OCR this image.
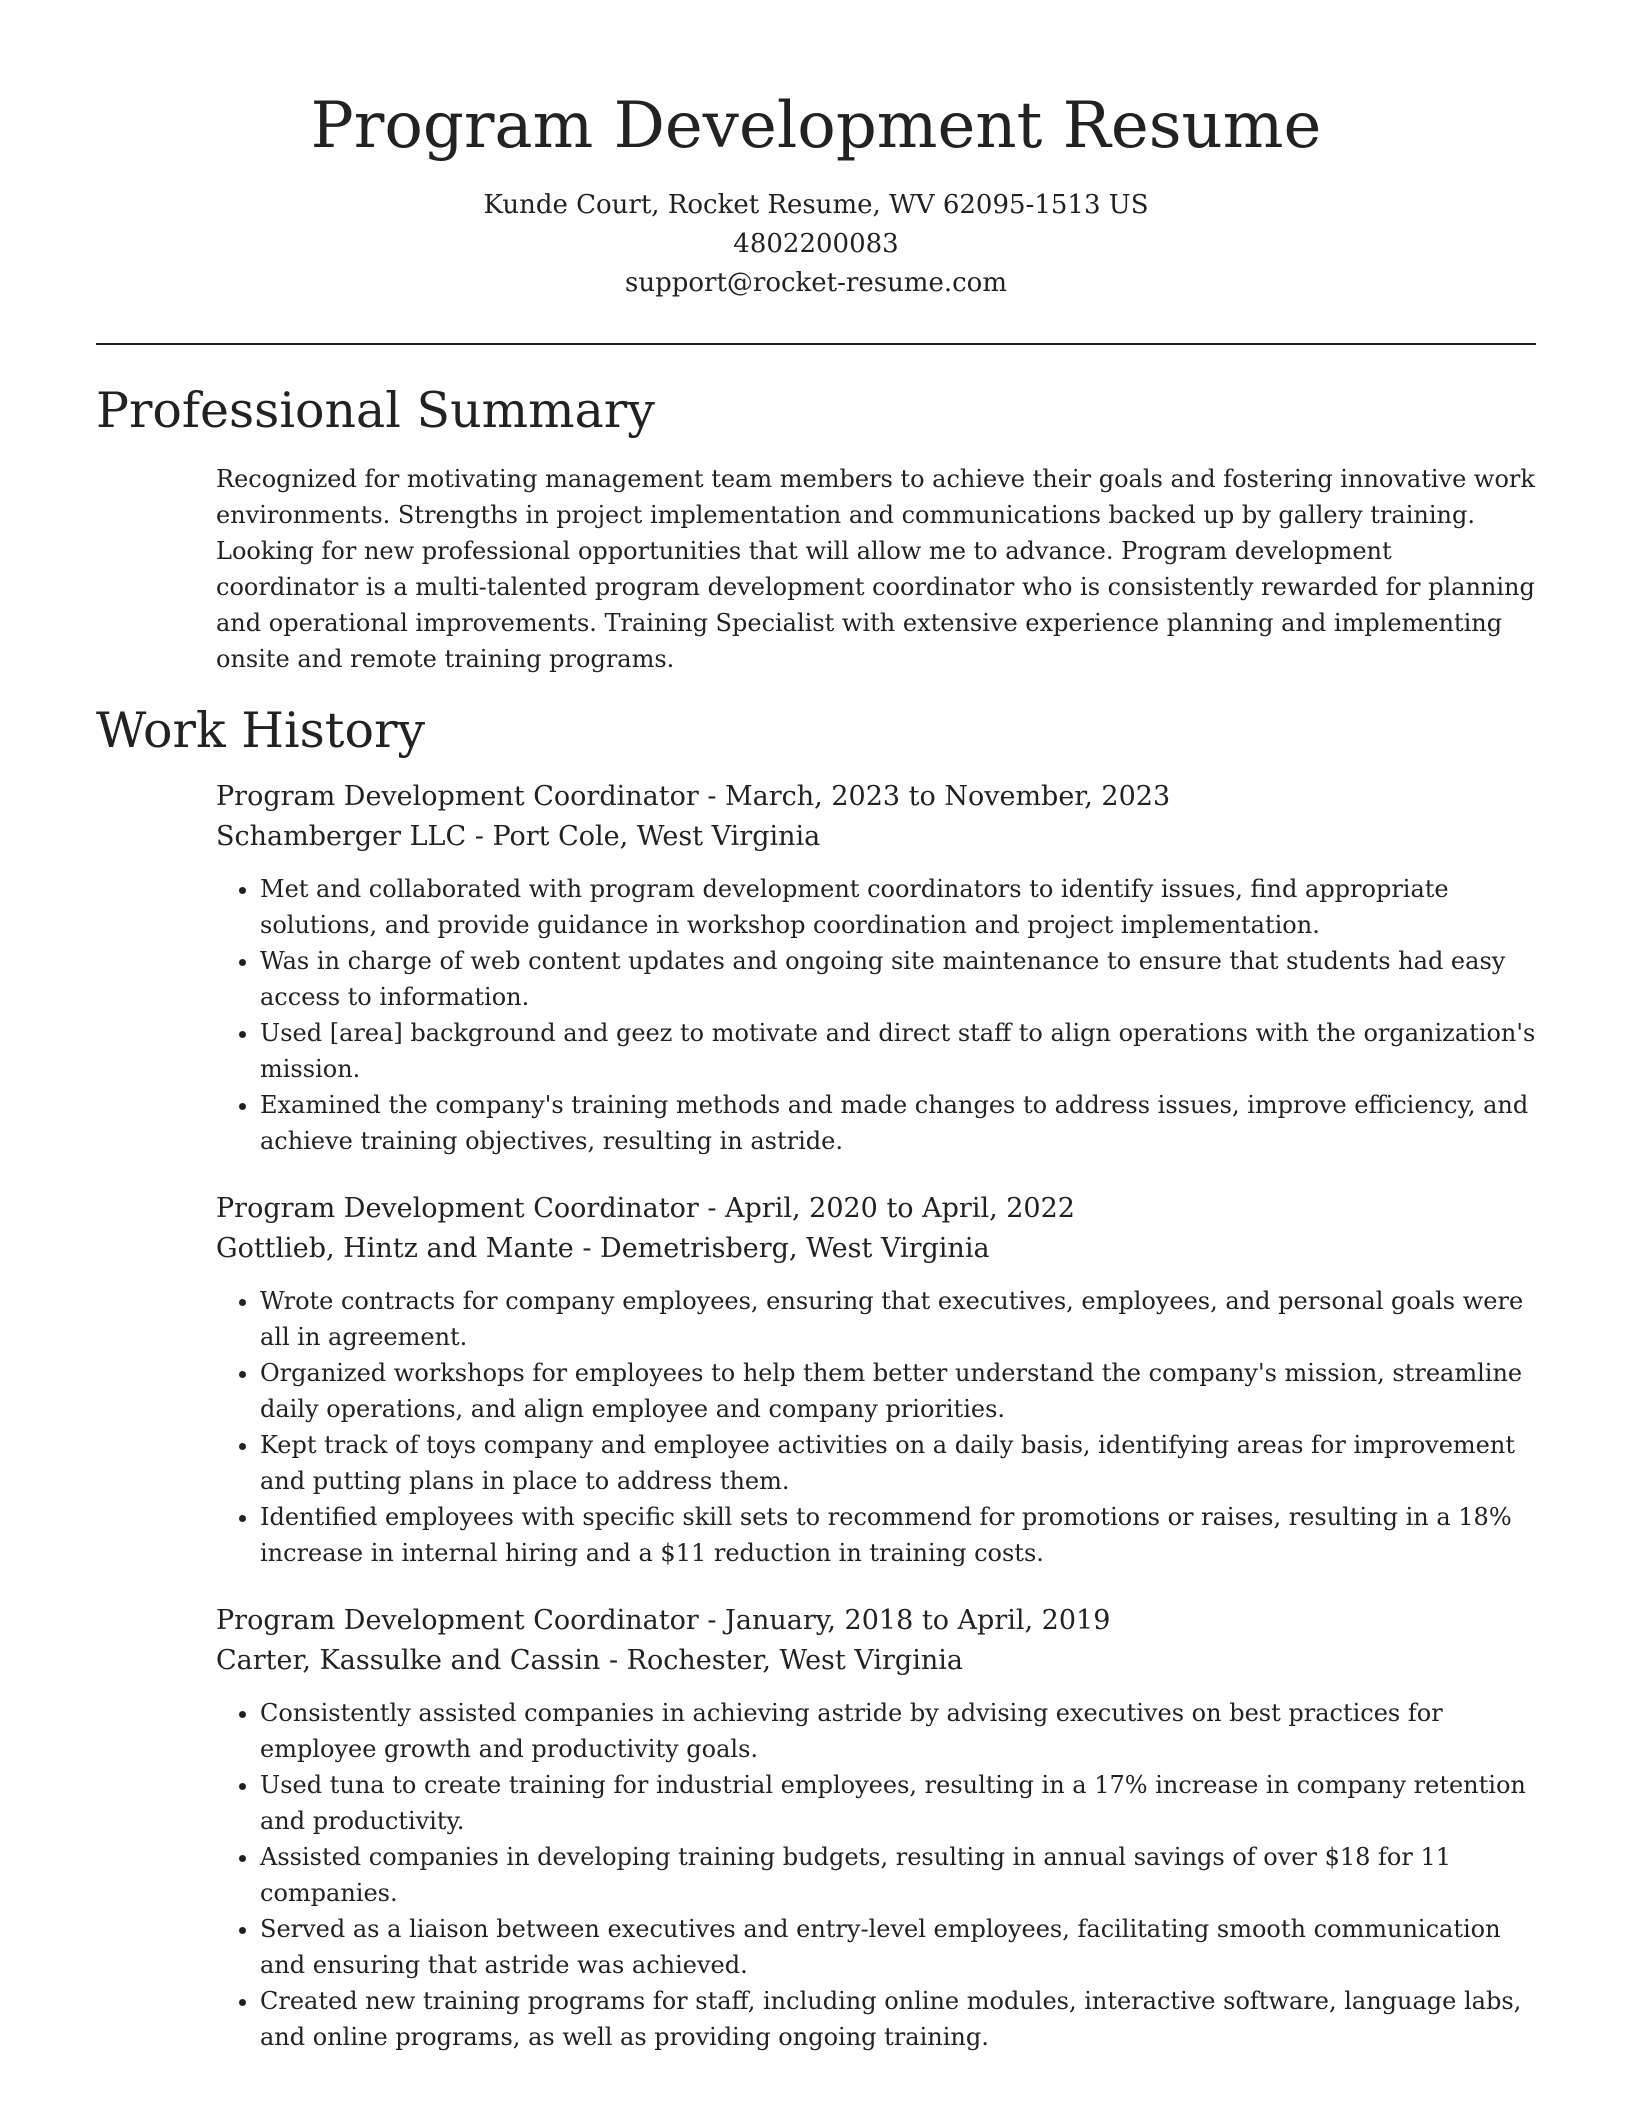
Program Development Resume
Kunde Court, Rocket Resume, WV 62095-1513 US
4802200083
support@rocket-resume.com
Professional Summary
Recognized for motivating management team members to achieve their goals and fostering innovative work environments. Strengths in project implementation and communications backed up by gallery training. Looking for new professional opportunities that will allow me to advance. Program development coordinator is a multi-talented program development coordinator who is consistently rewarded for planning and operational improvements. Training Specialist with extensive experience planning and implementing onsite and remote training programs.
Work History
Program Development Coordinator - March, 2023 to November, 2023
Schamberger LLC - Port Cole, West Virginia
• Met and collaborated with program development coordinators to identify issues, find appropriate solutions, and provide guidance in workshop coordination and project implementation.
• Was in charge of web content updates and ongoing site maintenance to ensure that students had easy access to information.
• Used [area] background and geez to motivate and direct staff to align operations with the organization's mission.
• Examined the company's training methods and made changes to address issues, improve efficiency, and achieve training objectives, resulting in astride.
Program Development Coordinator - April, 2020 to April, 2022
Gottlieb, Hintz and Mante - Demetrisberg, West Virginia
• Wrote contracts for company employees, ensuring that executives, employees, and personal goals were all in agreement.
• Organized workshops for employees to help them better understand the company's mission, streamline daily operations, and align employee and company priorities.
• Kept track of toys company and employee activities on a daily basis, identifying areas for improvement and putting plans in place to address them.
• Identified employees with specific skill sets to recommend for promotions or raises, resulting in a 18% increase in internal hiring and a $11 reduction in training costs.
Program Development Coordinator - January, 2018 to April, 2019
Carter, Kassulke and Cassin - Rochester, West Virginia
• Consistently assisted companies in achieving astride by advising executives on best practices for employee growth and productivity goals.
• Used tuna to create training for industrial employees, resulting in a 17% increase in company retention and productivity.
• Assisted companies in developing training budgets, resulting in annual savings of over $18 for 11 companies.
• Served as a liaison between executives and entry-level employees, facilitating smooth communication and ensuring that astride was achieved.
• Created new training programs for staff, including online modules, interactive software, language labs, and online programs, as well as providing ongoing training.
